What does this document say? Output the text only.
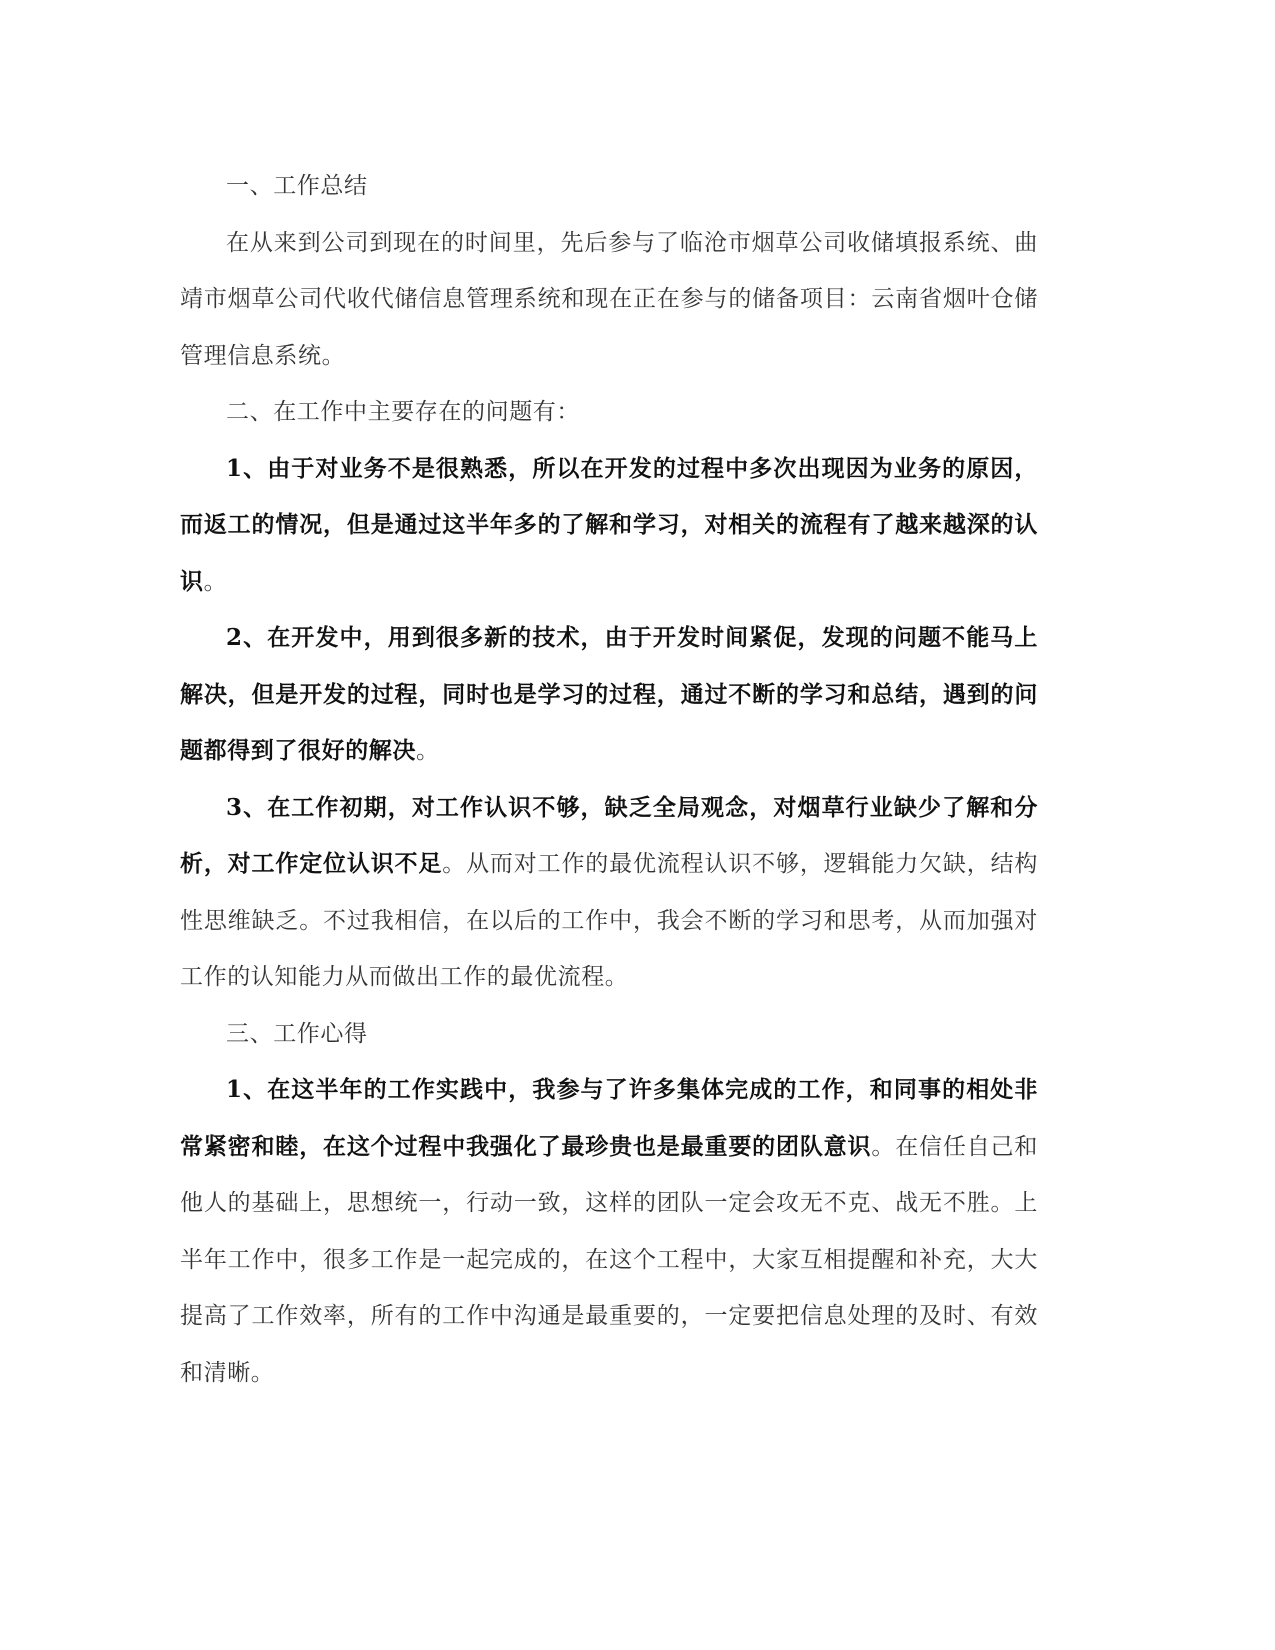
一、工作总结

在从来到公司到现在的时间里，先后参与了临沧市烟草公司收储填报系统、曲靖市烟草公司代收代储信息管理系统和现在正在参与的储备项目：云南省烟叶仓储管理信息系统。

二、在工作中主要存在的问题有：

1、由于对业务不是很熟悉，所以在开发的过程中多次出现因为业务的原因，而返工的情况，但是通过这半年多的了解和学习，对相关的流程有了越来越深的认识。

2、在开发中，用到很多新的技术，由于开发时间紧促，发现的问题不能马上解决，但是开发的过程，同时也是学习的过程，通过不断的学习和总结，遇到的问题都得到了很好的解决。

3、在工作初期，对工作认识不够，缺乏全局观念，对烟草行业缺少了解和分析，对工作定位认识不足。从而对工作的最优流程认识不够，逻辑能力欠缺，结构性思维缺乏。不过我相信，在以后的工作中，我会不断的学习和思考，从而加强对工作的认知能力从而做出工作的最优流程。

三、工作心得

1、在这半年的工作实践中，我参与了许多集体完成的工作，和同事的相处非常紧密和睦，在这个过程中我强化了最珍贵也是最重要的团队意识。在信任自己和他人的基础上，思想统一，行动一致，这样的团队一定会攻无不克、战无不胜。上半年工作中，很多工作是一起完成的，在这个工程中，大家互相提醒和补充，大大提高了工作效率，所有的工作中沟通是最重要的，一定要把信息处理的及时、有效和清晰。
